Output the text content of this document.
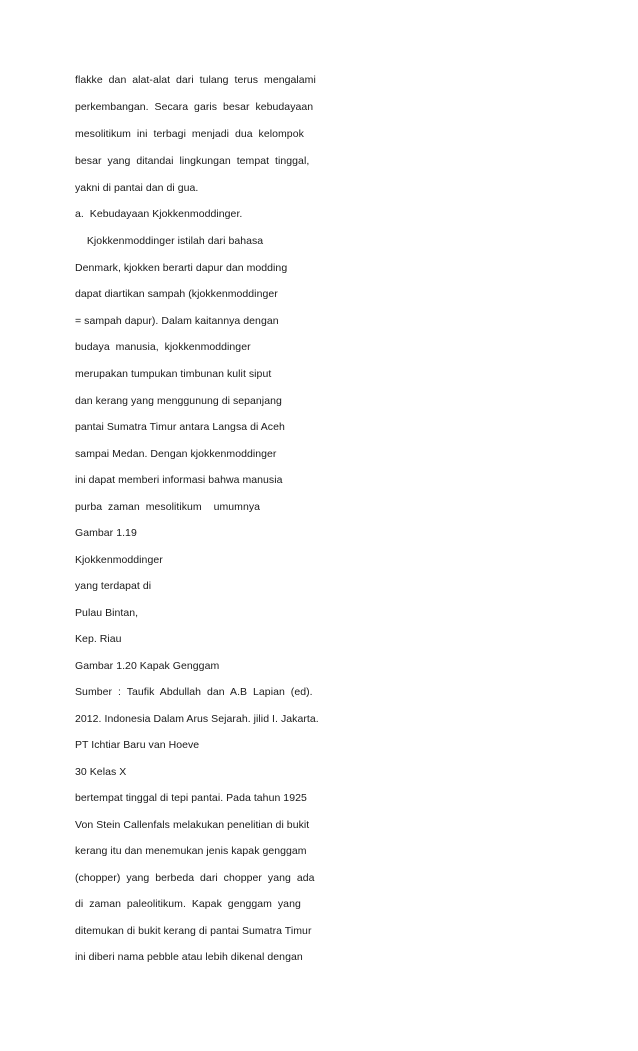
flakke  dan  alat-alat  dari  tulang  terus  mengalami
perkembangan.  Secara  garis  besar  kebudayaan
mesolitikum  ini  terbagi  menjadi  dua  kelompok
besar  yang  ditandai  lingkungan  tempat  tinggal,
yakni di pantai dan di gua.
a.  Kebudayaan Kjokkenmoddinger.
Kjokkenmoddinger istilah dari bahasa
Denmark, kjokken berarti dapur dan modding
dapat diartikan sampah (kjokkenmoddinger
= sampah dapur). Dalam kaitannya dengan
budaya  manusia,  kjokkenmoddinger
merupakan tumpukan timbunan kulit siput
dan kerang yang menggunung di sepanjang
pantai Sumatra Timur antara Langsa di Aceh
sampai Medan. Dengan kjokkenmoddinger
ini dapat memberi informasi bahwa manusia
purba  zaman  mesolitikum    umumnya
Gambar 1.19
Kjokkenmoddinger
yang terdapat di
Pulau Bintan,
Kep. Riau
Gambar 1.20 Kapak Genggam
Sumber  :  Taufik  Abdullah  dan  A.B  Lapian  (ed).
2012. Indonesia Dalam Arus Sejarah. jilid I. Jakarta.
PT Ichtiar Baru van Hoeve
30 Kelas X
bertempat tinggal di tepi pantai. Pada tahun 1925
Von Stein Callenfals melakukan penelitian di bukit
kerang itu dan menemukan jenis kapak genggam
(chopper)  yang  berbeda  dari  chopper  yang  ada
di  zaman  paleolitikum.  Kapak  genggam  yang
ditemukan di bukit kerang di pantai Sumatra Timur
ini diberi nama pebble atau lebih dikenal dengan
